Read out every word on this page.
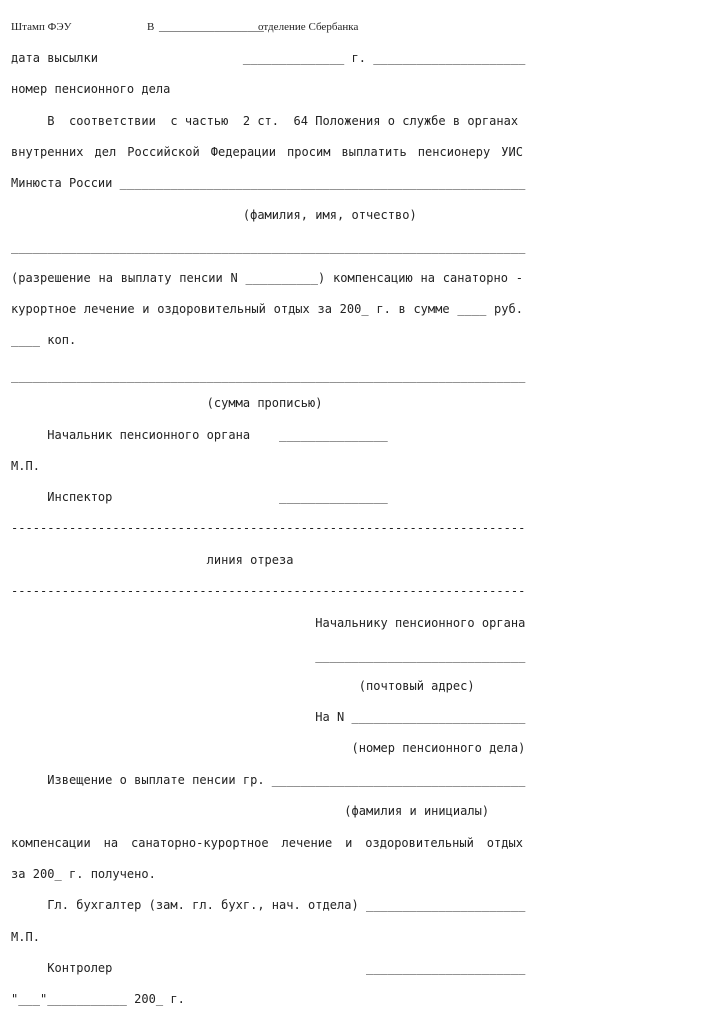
Штамп ФЭУ

	В

___________________

отделение Сбербанка

дата высылки                    ______________ г. _____________________
номер пенсионного дела
В  соответствии  с частью  2 ст.  64 Положения о службе в органах
внутренних дел Российской Федерации просим выплатить пенсионеру УИС
Минюста России ________________________________________________________
(фамилия, имя, отчество)
_______________________________________________________________________
(разрешение на выплату пенсии N __________) компенсацию на санаторно -
курортное лечение и оздоровительный отдых за 200_ г. в сумме ____ руб.
____ коп.
_______________________________________________________________________
(сумма прописью)
Начальник пенсионного органа    _______________
М.П.
Инспектор                       _______________
-----------------------------------------------------------------------
линия отреза
-----------------------------------------------------------------------
Начальнику пенсионного органа
_____________________________
(почтовый адрес)
На N ________________________
(номер пенсионного дела)
Извещение о выплате пенсии гр. ___________________________________
(фамилия и инициалы)
компенсации на санаторно-курортное лечение и оздоровительный отдых
за 200_ г. получено.
Гл. бухгалтер (зам. гл. бухг., нач. отдела) ______________________
М.П.
Контролер                                   ______________________
"___"___________ 200_ г.
